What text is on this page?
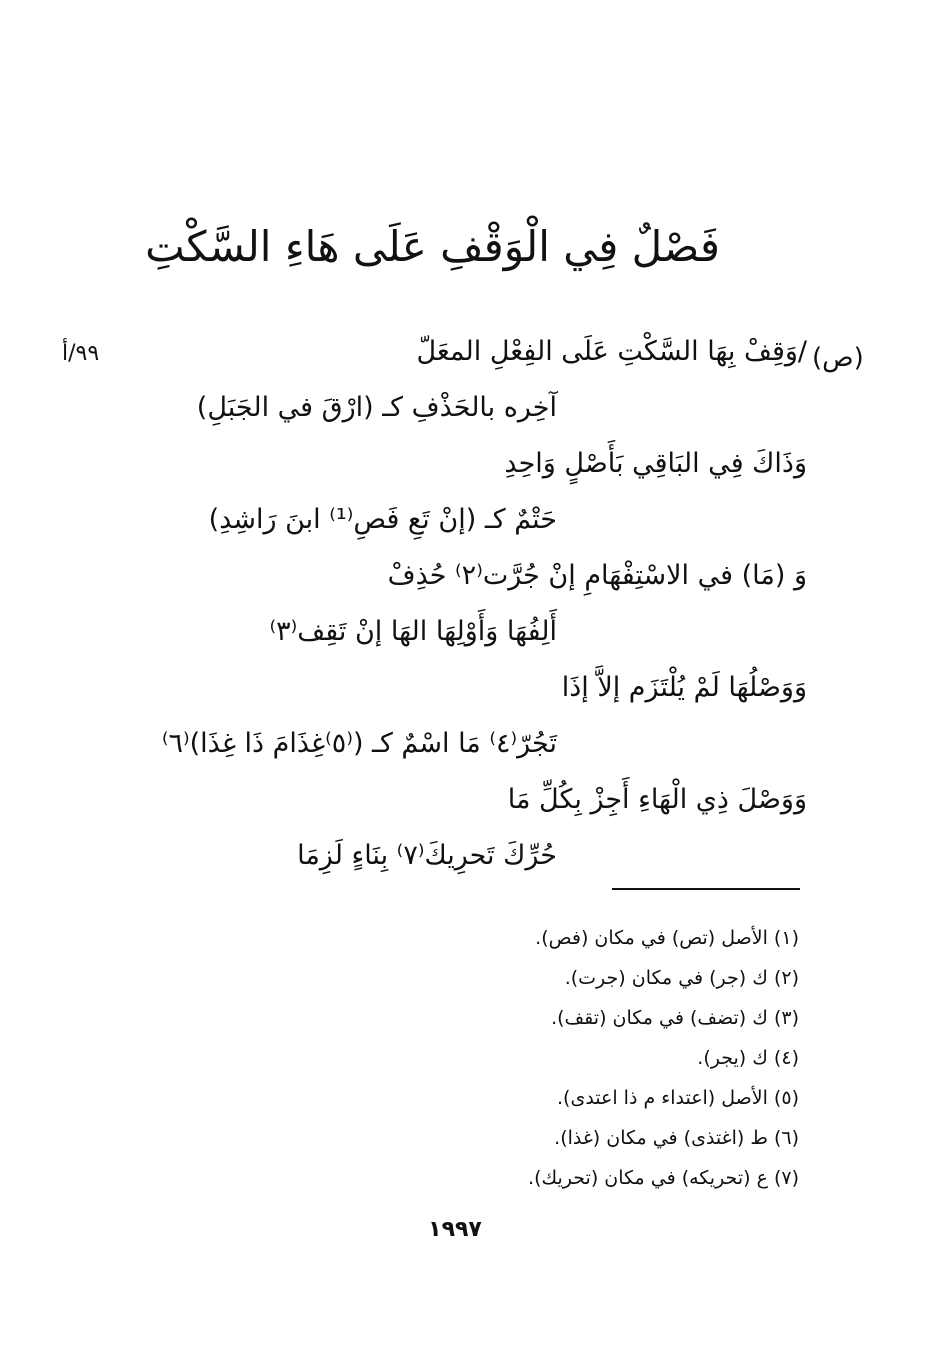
فَصْلٌ فِي الْوَقْفِ عَلَى هَاءِ السَّكْتِ
٩٩/أ	(ص)
/وَقِفْ بِهَا السَّكْتِ عَلَى الفِعْلِ المعَلّ
آخِره بالحَذْفِ كـ (ارْقَ في الجَبَلِ)
وَذَاكَ فِي البَاقِي بَأَصْلٍ وَاحِدِ
حَتْمٌ كـ (إنْ تَعِ فَصِ⁽¹⁾ ابنَ رَاشِدِ)
وَ (مَا) في الاسْتِفْهَامِ إنْ جُرَّت⁽٢⁾ حُذِفْ
أَلِفُهَا وَأَوْلِهَا الهَا إنْ تَقِف⁽٣⁾
وَوَصْلُهَا لَمْ يُلْتَزَم إلاَّ إذَا
تَجُرّ⁽٤⁾ مَا اسْمٌ كـ (⁽٥⁾غِذَامَ ذَا غِذَا)⁽٦⁾
وَوَصْلَ ذِي الْهَاءِ أَجِزْ بِكُلِّ مَا
حُرِّكَ تَحرِيكَ⁽٧⁾ بِنَاءٍ لَزِمَا
(١) الأصل (تص) في مكان (فص).
(٢) ك (جر) في مكان (جرت).
(٣) ك (تضف) في مكان (تقف).
(٤) ك (يجر).
(٥) الأصل (اعتداء م ذا اعتدى).
(٦) ط (اغتذى) في مكان (غذا).
(٧) ع (تحريكه) في مكان (تحريك).
١٩٩٧
